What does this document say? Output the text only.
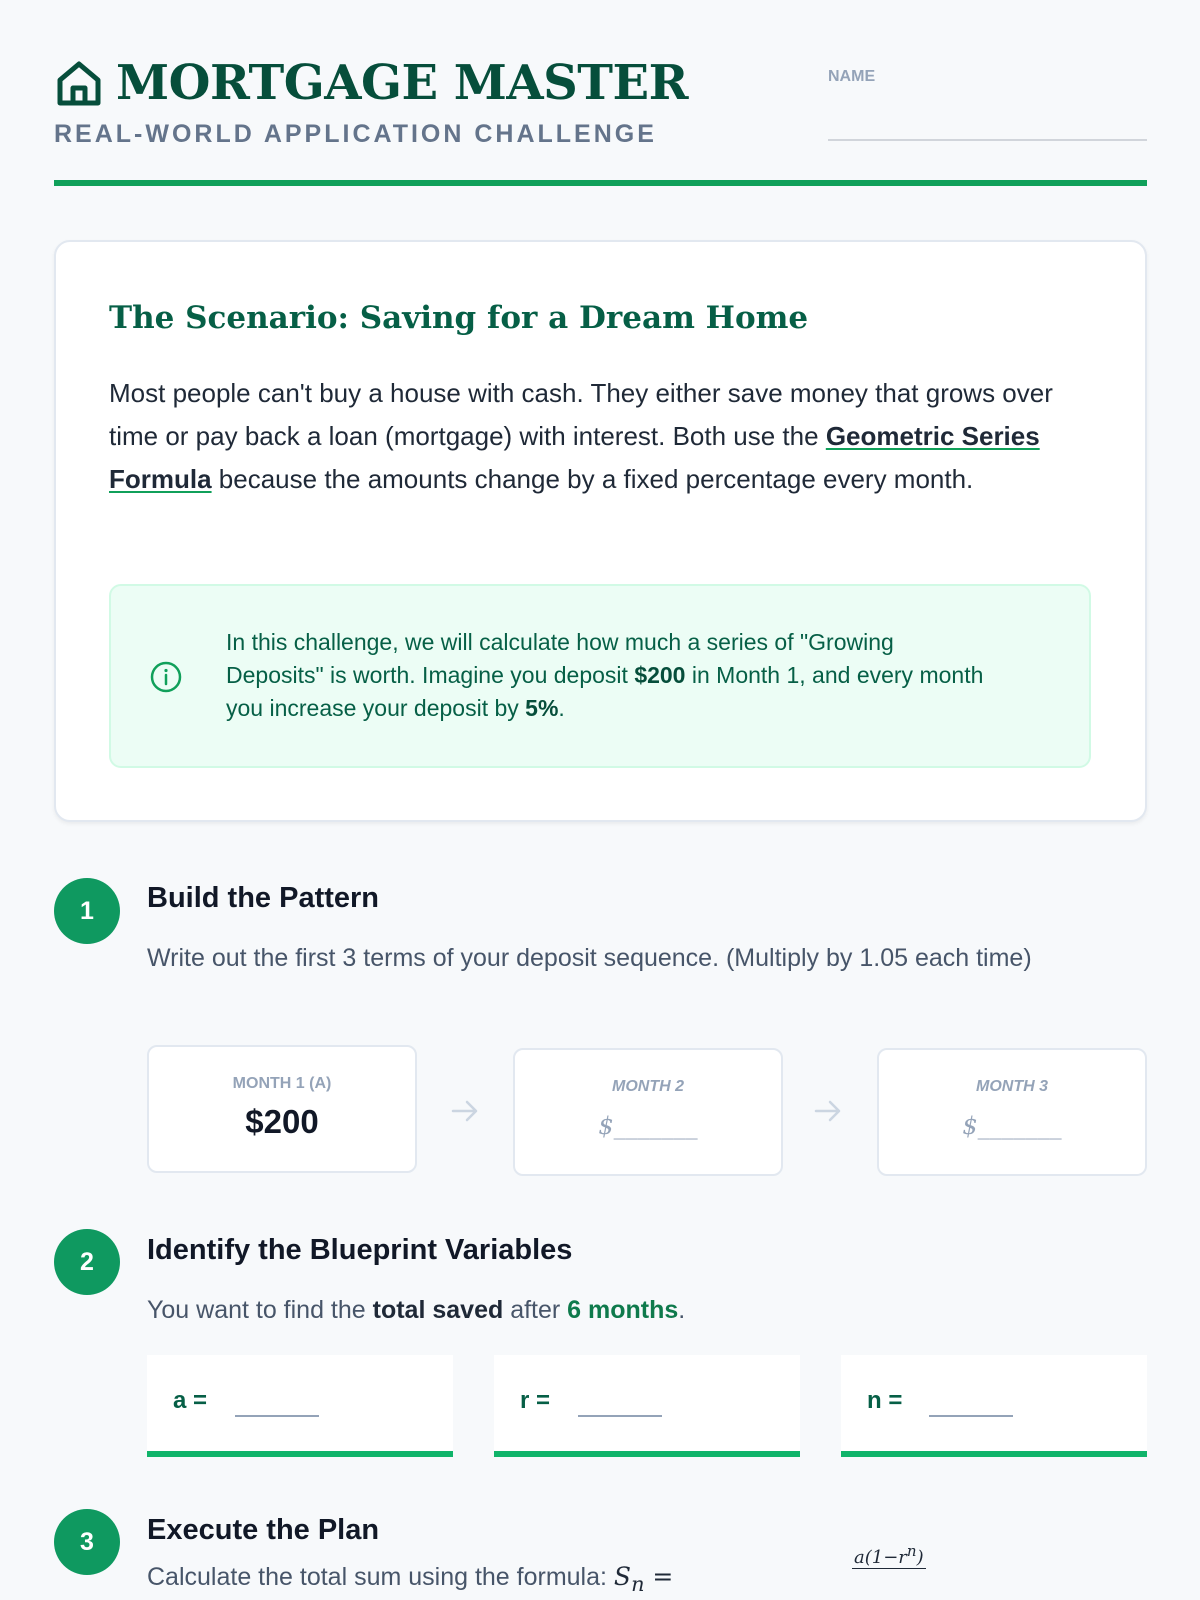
MORTGAGE MASTER
REAL-WORLD APPLICATION CHALLENGE
NAME
The Scenario: Saving for a Dream Home
Most people can't buy a house with cash. They either save money that grows over time or pay back a loan (mortgage) with interest. Both use the Geometric Series Formula because the amounts change by a fixed percentage every month.
In this challenge, we will calculate how much a series of "Growing Deposits" is worth. Imagine you deposit $200 in Month 1, and every month you increase your deposit by 5%.
1	Build the Pattern
Write out the first 3 terms of your deposit sequence. (Multiply by 1.05 each time)
MONTH 1 (A)
$200
MONTH 2
$_______
MONTH 3
$_______
2	Identify the Blueprint Variables
You want to find the total saved after 6 months.
a =	r =	n =
3	Execute the Plan
Calculate the total sum using the formula: $S_n$ =
$a(1-r^n)$
